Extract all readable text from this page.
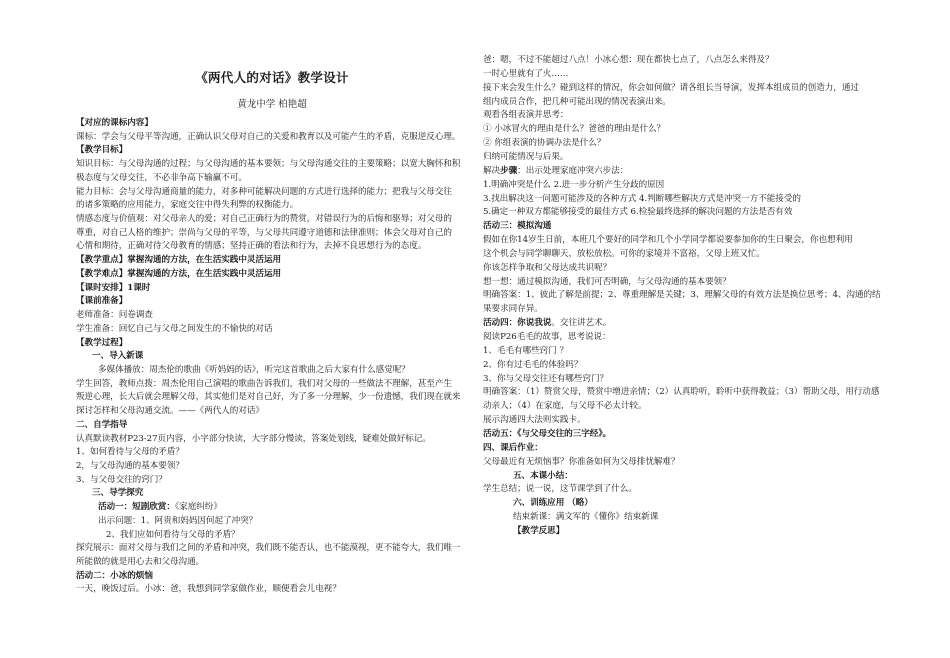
《两代人的对话》教学设计
黄龙中学 柏艳超
【对应的课标内容】
课标：学会与父母平等沟通，正确认识父母对自己的关爱和教育以及可能产生的矛盾，克服逆反心理。
【教学目标】
知识目标：与父母沟通的过程；与父母沟通的基本要领；与父母沟通交往的主要策略；以宽大胸怀和积
极态度与父母交往，不必非争高下输赢不可。
能力目标：会与父母沟通商量的能力，对多种可能解决问题的方式进行选择的能力；把我与父母交往
的诸多策略的应用能力，家庭交往中得失利弊的权衡能力。
情感态度与价值观：对父母亲人的爱；对自己正确行为的赞赏，对错误行为的后悔和驱辱；对父母的
尊重，对自己人格的维护；崇尚与父母的平等，与父母共同遵守道德和法律准则；体会父母对自己的
心情和期待，正确对待父母教育的情感；坚持正确的看法和行为，去掉不良思想行为的态度。
【教学重点】掌握沟通的方法，在生活实践中灵活运用
【教学难点】掌握沟通的方法，在生活实践中灵活运用
【课时安排】1课时
【课前准备】
老师准备：问卷调查
学生准备：回忆自己与父母之间发生的不愉快的对话
【教学过程】
一、导入新课
多媒体播放：周杰伦的歌曲《听妈妈的话》，听完这首歌曲之后大家有什么感觉呢？
学生回答，教师点拨：周杰伦用自己演唱的歌曲告诉我们，我们对父母的一些做法不理解，甚至产生
叛逆心理，长大后就会理解父母，其实他们是对自己好，为了多一分理解，少一份遗憾，我们现在就来
探讨怎样和父母沟通交流。——《两代人的对话》
二、自学指导
认真默读教材P23-27页内容，小字部分快读，大字部分慢读，答案处划线，疑难处做好标记。
1、如何看待与父母的矛盾？
2，与父母沟通的基本要领？
3、与父母交往的窍门？
三、导学探究
活动一：短剧欣赏：《家庭纠纷》
出示问题：1、阿贵和妈妈因何起了冲突？
2、我们应如何看待与父母的矛盾？
探究展示：面对父母与我们之间的矛盾和冲突，我们既不能否认，也不能漠视，更不能夸大，我们唯一
所能做的就是用心去和父母沟通。
活动二：小冰的烦恼
一天，晚饭过后。小冰：爸，我想到同学家做作业，顺便看会儿电视？
爸：嗯，不过不能超过八点！小冰心想：现在都快七点了，八点怎么来得及？
一时心里就有了火……
接下来会发生什么？碰到这样的情况，你会如何做？请各组长当导演，发挥本组成员的创造力，通过
组内成员合作，把几种可能出现的情况表演出来。
观看各组表演并思考：
① 小冰冒火的理由是什么？爸爸的理由是什么？
② 你组表演的协调办法是什么？
归纳可能情况与后果。
解决步骤：出示处理家庭冲突六步法：
1.明确冲突是什么 2.进一步分析产生分歧的原因
3.找出解决这一问题可能涉及的各种方式 4.判断哪些解决方式是冲突一方不能接受的
5.确定一种双方都能够接受的最佳方式 6.检验最终选择的解决问题的方法是否有效
活动三：模拟沟通
假如在你14岁生日前，本班几个要好的同学和几个小学同学都说要参加你的生日聚会，你也想利用
这个机会与同学聊聊天，放松放松。可你的家境并不富裕，父母上班又忙。
你该怎样争取和父母达成共识呢？
想一想：通过模拟沟通，我们可否明确，与父母沟通的基本要领？
明确答案：1、彼此了解是前提；2、尊重理解是关键；3、理解父母的有效方法是换位思考；4、沟通的结
果要求同存异。
活动四：你说我说。交往讲艺术。
阅读P26毛毛的故事，思考说说：
1、毛毛有哪些窍门 ？
2、你有过毛毛的体验吗？
3、你与父母交往还有哪些窍门？
明确答案：（1）赞赏父母，赞赏中增进亲情；（2）认真聆听，聆听中获得教益；（3）帮助父母，用行动感
动亲人；（4）在家庭，与父母不必太计较。
展示沟通四大法则实践卡。
活动五：《与父母交往的三字经》。
四、课后作业：
父母最近有无烦恼事？你准备如何为父母排忧解难？
五、本课小结：
学生总结；说一说，这节课学到了什么。
六、训练应用 （略）
结束新课：满文军的《懂你》结束新课
【教学反思】
